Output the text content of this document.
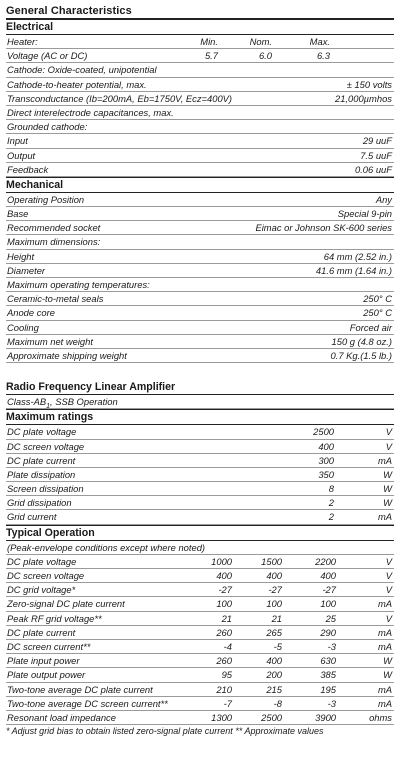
General Characteristics
Electrical
Heater:	Min.	Nom.	Max.
Voltage (AC or DC)	5.7	6.0	6.3
Cathode: Oxide-coated, unipotential
Cathode-to-heater potential, max.	± 150 volts
Transconductance (Ib=200mA, Eb=1750V, Ecz=400V)	21,000µmhos
Direct interelectrode capacitances, max.
Grounded cathode:
Input	29 uuF
Output	7.5 uuF
Feedback	0.06 uuF
Mechanical
Operating Position	Any
Base	Special 9-pin
Recommended socket	Eimac or Johnson SK-600 series
Maximum dimensions:
Height	64 mm (2.52 in.)
Diameter	41.6 mm (1.64 in.)
Maximum operating temperatures:
Ceramic-to-metal seals	250° C
Anode core	250° C
Cooling	Forced air
Maximum net weight	150 g (4.8 oz.)
Approximate shipping weight	0.7 Kg.(1.5 lb.)
Radio Frequency Linear Amplifier
Class-$AB_1$, SSB Operation
Maximum ratings
DC plate voltage	2500	V
DC screen voltage	400	V
DC plate current	300	mA
Plate dissipation	350	W
Screen dissipation	8	W
Grid dissipation	2	W
Grid current	2	mA
Typical Operation
(Peak-envelope conditions except where noted)
DC plate voltage	1000	1500	2200	V
DC screen voltage	400	400	400	V
DC grid voltage*	-27	-27	-27	V
Zero-signal DC plate current	100	100	100	mA
Peak RF grid voltage**	21	21	25	V
DC plate current	260	265	290	mA
DC screen current**	-4	-5	-3	mA
Plate input power	260	400	630	W
Plate output power	95	200	385	W
Two-tone average DC plate current	210	215	195	mA
Two-tone average DC screen current**	-7	-8	-3	mA
Resonant load impedance	1300	2500	3900	ohms
* Adjust grid bias to obtain listed zero-signal plate current ** Approximate values
